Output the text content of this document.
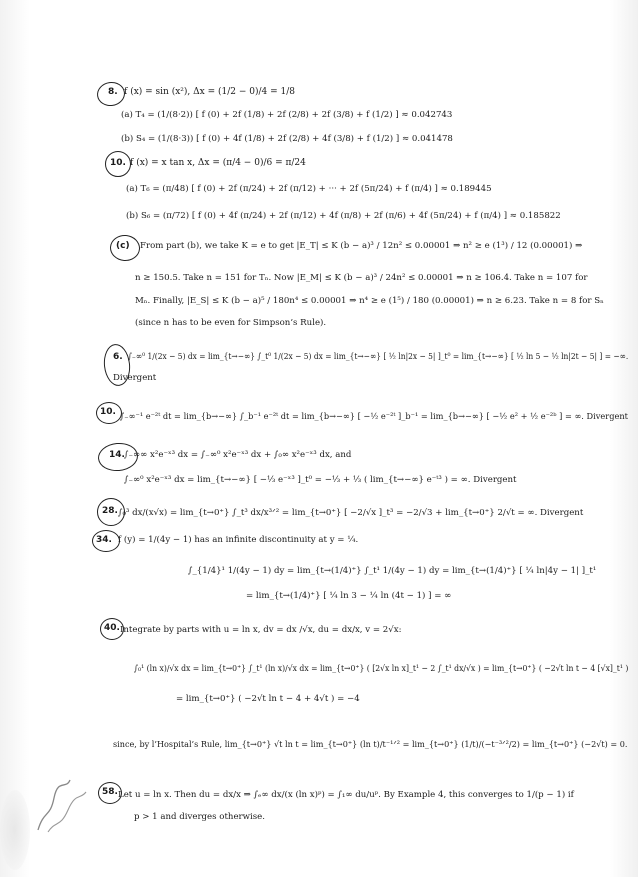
8. f (x) = sin (x²), Δx = (1/2 − 0)/4 = 1/8
(a) T₄ = (1/(8·2)) [ f (0) + 2f (1/8) + 2f (2/8) + 2f (3/8) + f (1/2) ] ≈ 0.042743
(b) S₄ = (1/(8·3)) [ f (0) + 4f (1/8) + 2f (2/8) + 4f (3/8) + f (1/2) ] ≈ 0.041478
10. f (x) = x tan x, Δx = (π/4 − 0)/6 = π/24
(a) T₆ = (π/48) [ f (0) + 2f (π/24) + 2f (π/12) + ··· + 2f (5π/24) + f (π/4) ] ≈ 0.189445
(b) S₆ = (π/72) [ f (0) + 4f (π/24) + 2f (π/12) + 4f (π/8) + 2f (π/6) + 4f (5π/24) + f (π/4) ] ≈ 0.185822
(c) From part (b), we take K = e to get |E_T| ≤ K (b − a)³ / 12n² ≤ 0.00001 ⇒ n² ≥ e (1³) / 12 (0.00001) ⇒
n ≥ 150.5. Take n = 151 for Tₙ. Now |E_M| ≤ K (b − a)³ / 24n² ≤ 0.00001 ⇒ n ≥ 106.4. Take n = 107 for
Mₙ. Finally, |E_S| ≤ K (b − a)⁵ / 180n⁴ ≤ 0.00001 ⇒ n⁴ ≥ e (1⁵) / 180 (0.00001) ⇒ n ≥ 6.23. Take n = 8 for Sₙ
(since n has to be even for Simpson’s Rule).
6. ∫₋∞⁰ 1/(2x − 5) dx = lim_{t→−∞} ∫_t⁰ 1/(2x − 5) dx = lim_{t→−∞} [ ½ ln|2x − 5| ]_t⁰ = lim_{t→−∞} [ ½ ln 5 − ½ ln|2t − 5| ] = −∞.
Divergent
10. ∫₋∞⁻¹ e⁻²ᵗ dt = lim_{b→−∞} ∫_b⁻¹ e⁻²ᵗ dt = lim_{b→−∞} [ −½ e⁻²ᵗ ]_b⁻¹ = lim_{b→−∞} [ −½ e² + ½ e⁻²ᵇ ] = ∞. Divergent
14. ∫₋∞∞ x²e⁻ˣ³ dx = ∫₋∞⁰ x²e⁻ˣ³ dx + ∫₀∞ x²e⁻ˣ³ dx, and
∫₋∞⁰ x²e⁻ˣ³ dx = lim_{t→−∞} [ −⅓ e⁻ˣ³ ]_t⁰ = −⅓ + ⅓ ( lim_{t→−∞} e⁻ᵗ³ ) = ∞. Divergent
28. ∫₀³ dx/(x√x) = lim_{t→0⁺} ∫_t³ dx/x³ᐟ² = lim_{t→0⁺} [ −2/√x ]_t³ = −2/√3 + lim_{t→0⁺} 2/√t = ∞. Divergent
34. f (y) = 1/(4y − 1) has an infinite discontinuity at y = ¼.
∫_{1/4}¹ 1/(4y − 1) dy = lim_{t→(1/4)⁺} ∫_t¹ 1/(4y − 1) dy = lim_{t→(1/4)⁺} [ ¼ ln|4y − 1| ]_t¹
= lim_{t→(1/4)⁺} [ ¼ ln 3 − ¼ ln (4t − 1) ] = ∞
40. Integrate by parts with u = ln x, dv = dx /√x, du = dx/x, v = 2√x:
∫₀¹ (ln x)/√x dx = lim_{t→0⁺} ∫_t¹ (ln x)/√x dx = lim_{t→0⁺} ( [2√x ln x]_t¹ − 2 ∫_t¹ dx/√x ) = lim_{t→0⁺} ( −2√t ln t − 4 [√x]_t¹ )
= lim_{t→0⁺} ( −2√t ln t − 4 + 4√t ) = −4
since, by l’Hospital’s Rule, lim_{t→0⁺} √t ln t = lim_{t→0⁺} (ln t)/t⁻¹ᐟ² = lim_{t→0⁺} (1/t)/(−t⁻³ᐟ²/2) = lim_{t→0⁺} (−2√t) = 0.
58. Let u = ln x. Then du = dx/x ⇒ ∫ₑ∞ dx/(x (ln x)ᵖ) = ∫₁∞ du/uᵖ. By Example 4, this converges to 1/(p − 1) if
p > 1 and diverges otherwise.
